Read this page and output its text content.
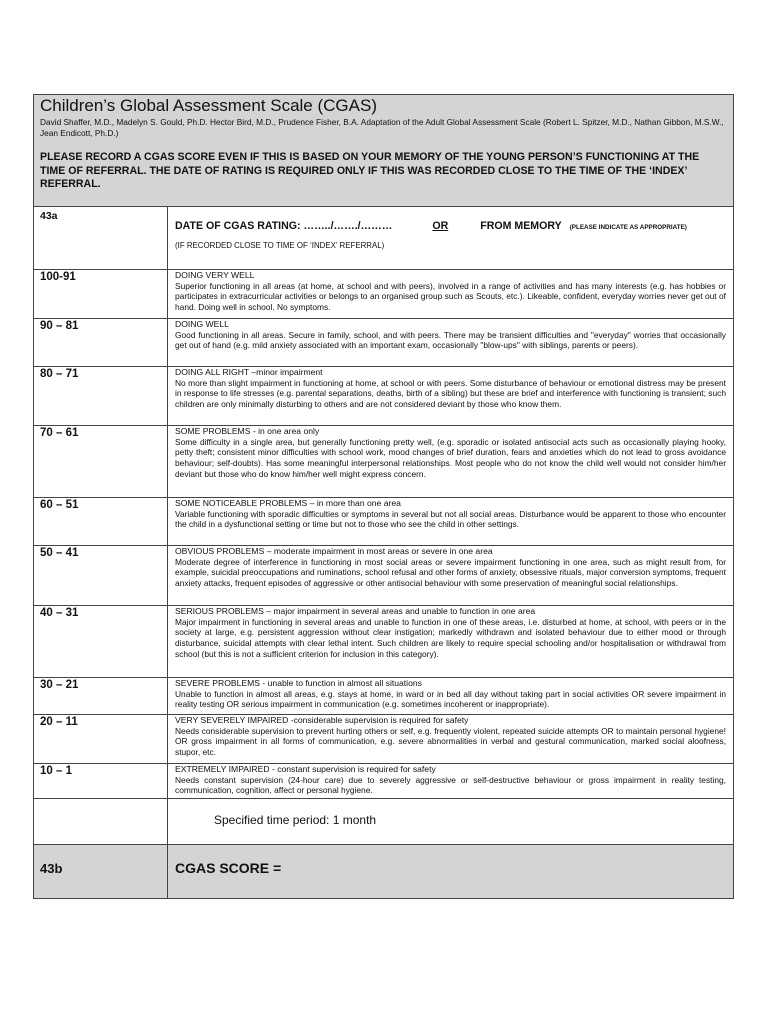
Children’s Global Assessment Scale (CGAS)
David Shaffer, M.D., Madelyn S. Gould, Ph.D. Hector Bird, M.D., Prudence Fisher, B.A. Adaptation of the Adult Global Assessment Scale (Robert L. Spitzer, M.D., Nathan Gibbon, M.S.W., Jean Endicott, Ph.D.)
PLEASE RECORD A CGAS SCORE EVEN IF THIS IS BASED ON YOUR MEMORY OF THE YOUNG PERSON’S FUNCTIONING AT THE TIME OF REFERRAL. THE DATE OF RATING IS REQUIRED ONLY IF THIS WAS RECORDED CLOSE TO THE TIME OF THE ‘INDEX’ REFERRAL.
43a
DATE OF CGAS RATING: ……../……./………	OR	FROM MEMORY (PLEASE INDICATE AS APPROPRIATE)
(IF RECORDED CLOSE TO TIME OF ‘INDEX’ REFERRAL)
100-91	DOING VERY WELL
Superior functioning in all areas (at home, at school and with peers), involved in a range of activities and has many interests (e.g. has hobbies or participates in extracurricular activities or belongs to an organised group such as Scouts, etc.). Likeable, confident, everyday worries never get out of hand. Doing well in school. No symptoms.
90 – 81	DOING WELL
Good functioning in all areas. Secure in family, school, and with peers. There may be transient difficulties and "everyday" worries that occasionally get out of hand (e.g. mild anxiety associated with an important exam, occasionally "blow-ups" with siblings, parents or peers).
80 – 71	DOING ALL RIGHT –minor impairment
No more than slight impairment in functioning at home, at school or with peers. Some disturbance of behaviour or emotional distress may be present in response to life stresses (e.g. parental separations, deaths, birth of a sibling) but these are brief and interference with functioning is transient; such children are only minimally disturbing to others and are not considered deviant by those who know them.
70 – 61	SOME PROBLEMS - in one area only
Some difficulty in a single area, but generally functioning pretty well, (e.g. sporadic or isolated antisocial acts such as occasionally playing hooky, petty theft; consistent minor difficulties with school work, mood changes of brief duration, fears and anxieties which do not lead to gross avoidance behaviour; self-doubts). Has some meaningful interpersonal relationships. Most people who do not know the child well would not consider him/her deviant but those who do know him/her well might express concern.
60 – 51	SOME NOTICEABLE PROBLEMS – in more than one area
Variable functioning with sporadic difficulties or symptoms in several but not all social areas. Disturbance would be apparent to those who encounter the child in a dysfunctional setting or time but not to those who see the child in other settings.
50 – 41	OBVIOUS PROBLEMS – moderate impairment in most areas or severe in one area
Moderate degree of interference in functioning in most social areas or severe impairment functioning in one area, such as might result from, for example, suicidal preoccupations and ruminations, school refusal and other forms of anxiety, obsessive rituals, major conversion symptoms, frequent anxiety attacks, frequent episodes of aggressive or other antisocial behaviour with some preservation of meaningful social relationships.
40 – 31	SERIOUS PROBLEMS – major impairment in several areas and unable to function in one area
Major impairment in functioning in several areas and unable to function in one of these areas, i.e. disturbed at home, at school, with peers or in the society at large, e.g. persistent aggression without clear instigation; markedly withdrawn and isolated behaviour due to either mood or through disturbance, suicidal attempts with clear lethal intent. Such children are likely to require special schooling and/or hospitalisation or withdrawal from school (but this is not a sufficient criterion for inclusion in this category).
30 – 21	SEVERE PROBLEMS - unable to function in almost all situations
Unable to function in almost all areas, e.g. stays at home, in ward or in bed all day without taking part in social activities OR severe impairment in reality testing OR serious impairment in communication (e.g. sometimes incoherent or inappropriate).
20 – 11	VERY SEVERELY IMPAIRED -considerable supervision is required for safety
Needs considerable supervision to prevent hurting others or self, e.g. frequently violent, repeated suicide attempts OR to maintain personal hygiene! OR gross impairment in all forms of communication, e.g. severe abnormalities in verbal and gestural communication, marked social aloofness, stupor, etc.
10 – 1	EXTREMELY IMPAIRED - constant supervision is required for safety
Needs constant supervision (24-hour care) due to severely aggressive or self-destructive behaviour or gross impairment in reality testing, communication, cognition, affect or personal hygiene.
Specified time period: 1 month
43b	CGAS SCORE =
